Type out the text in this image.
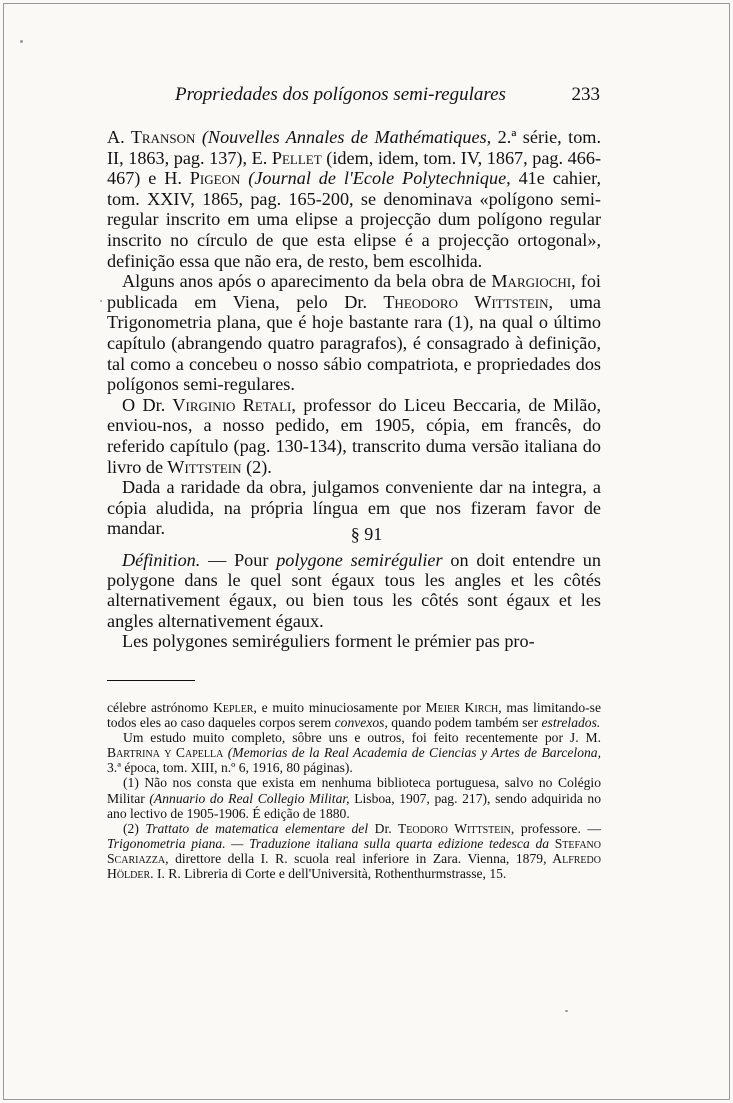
Propriedades dos polígonos semi-regulares	233

A. Transon (Nouvelles Annales de Mathématiques, 2.ª série, tom. II, 1863, pag. 137), E. Pellet (idem, idem, tom. IV, 1867, pag. 466-467) e H. Pigeon (Journal de l'Ecole Polytechnique, 41e cahier, tom. XXIV, 1865, pag. 165-200, se denominava «polígono semi-regular inscrito em uma elipse a projecção dum polígono regular inscrito no círculo de que esta elipse é a projecção ortogonal», definição essa que não era, de resto, bem escolhida.

Alguns anos após o aparecimento da bela obra de Margiochi, foi publicada em Viena, pelo Dr. Theodoro Wittstein, uma Trigonometria plana, que é hoje bastante rara (1), na qual o último capítulo (abrangendo quatro paragrafos), é consagrado à definição, tal como a concebeu o nosso sábio compatriota, e propriedades dos polígonos semi-regulares.

O Dr. Virginio Retali, professor do Liceu Beccaria, de Milão, enviou-nos, a nosso pedido, em 1905, cópia, em francês, do referido capítulo (pag. 130-134), transcrito duma versão italiana do livro de Wittstein (2).

Dada a raridade da obra, julgamos conveniente dar na integra, a cópia aludida, na própria língua em que nos fizeram favor de mandar.	§ 91

Définition. — Pour polygone semirégulier on doit entendre un polygone dans le quel sont égaux tous les angles et les côtés alternativement égaux, ou bien tous les côtés sont égaux et les angles alternativement égaux.

Les polygones semiréguliers forment le prémier pas pro-

célebre astrónomo Kepler, e muito minuciosamente por Meier Kirch, mas limitando-se todos eles ao caso daqueles corpos serem convexos, quando podem também ser estrelados.

Um estudo muito completo, sôbre uns e outros, foi feito recentemente por J. M. Bartrina y Capella (Memorias de la Real Academia de Ciencias y Artes de Barcelona, 3.ª época, tom. XIII, n.º 6, 1916, 80 páginas).

(1) Não nos consta que exista em nenhuma biblioteca portuguesa, salvo no Colégio Militar (Annuario do Real Collegio Militar, Lisboa, 1907, pag. 217), sendo adquirida no ano lectivo de 1905-1906. É edição de 1880.

(2) Trattato de matematica elementare del Dr. Teodoro Wittstein, professore. — Trigonometria piana. — Traduzione italiana sulla quarta edizione tedesca da Stefano Scariazza, direttore della I. R. scuola real inferiore in Zara. Vienna, 1879, Alfredo Hölder. I. R. Libreria di Corte e dell'Università, Rothenthurmstrasse, 15.
